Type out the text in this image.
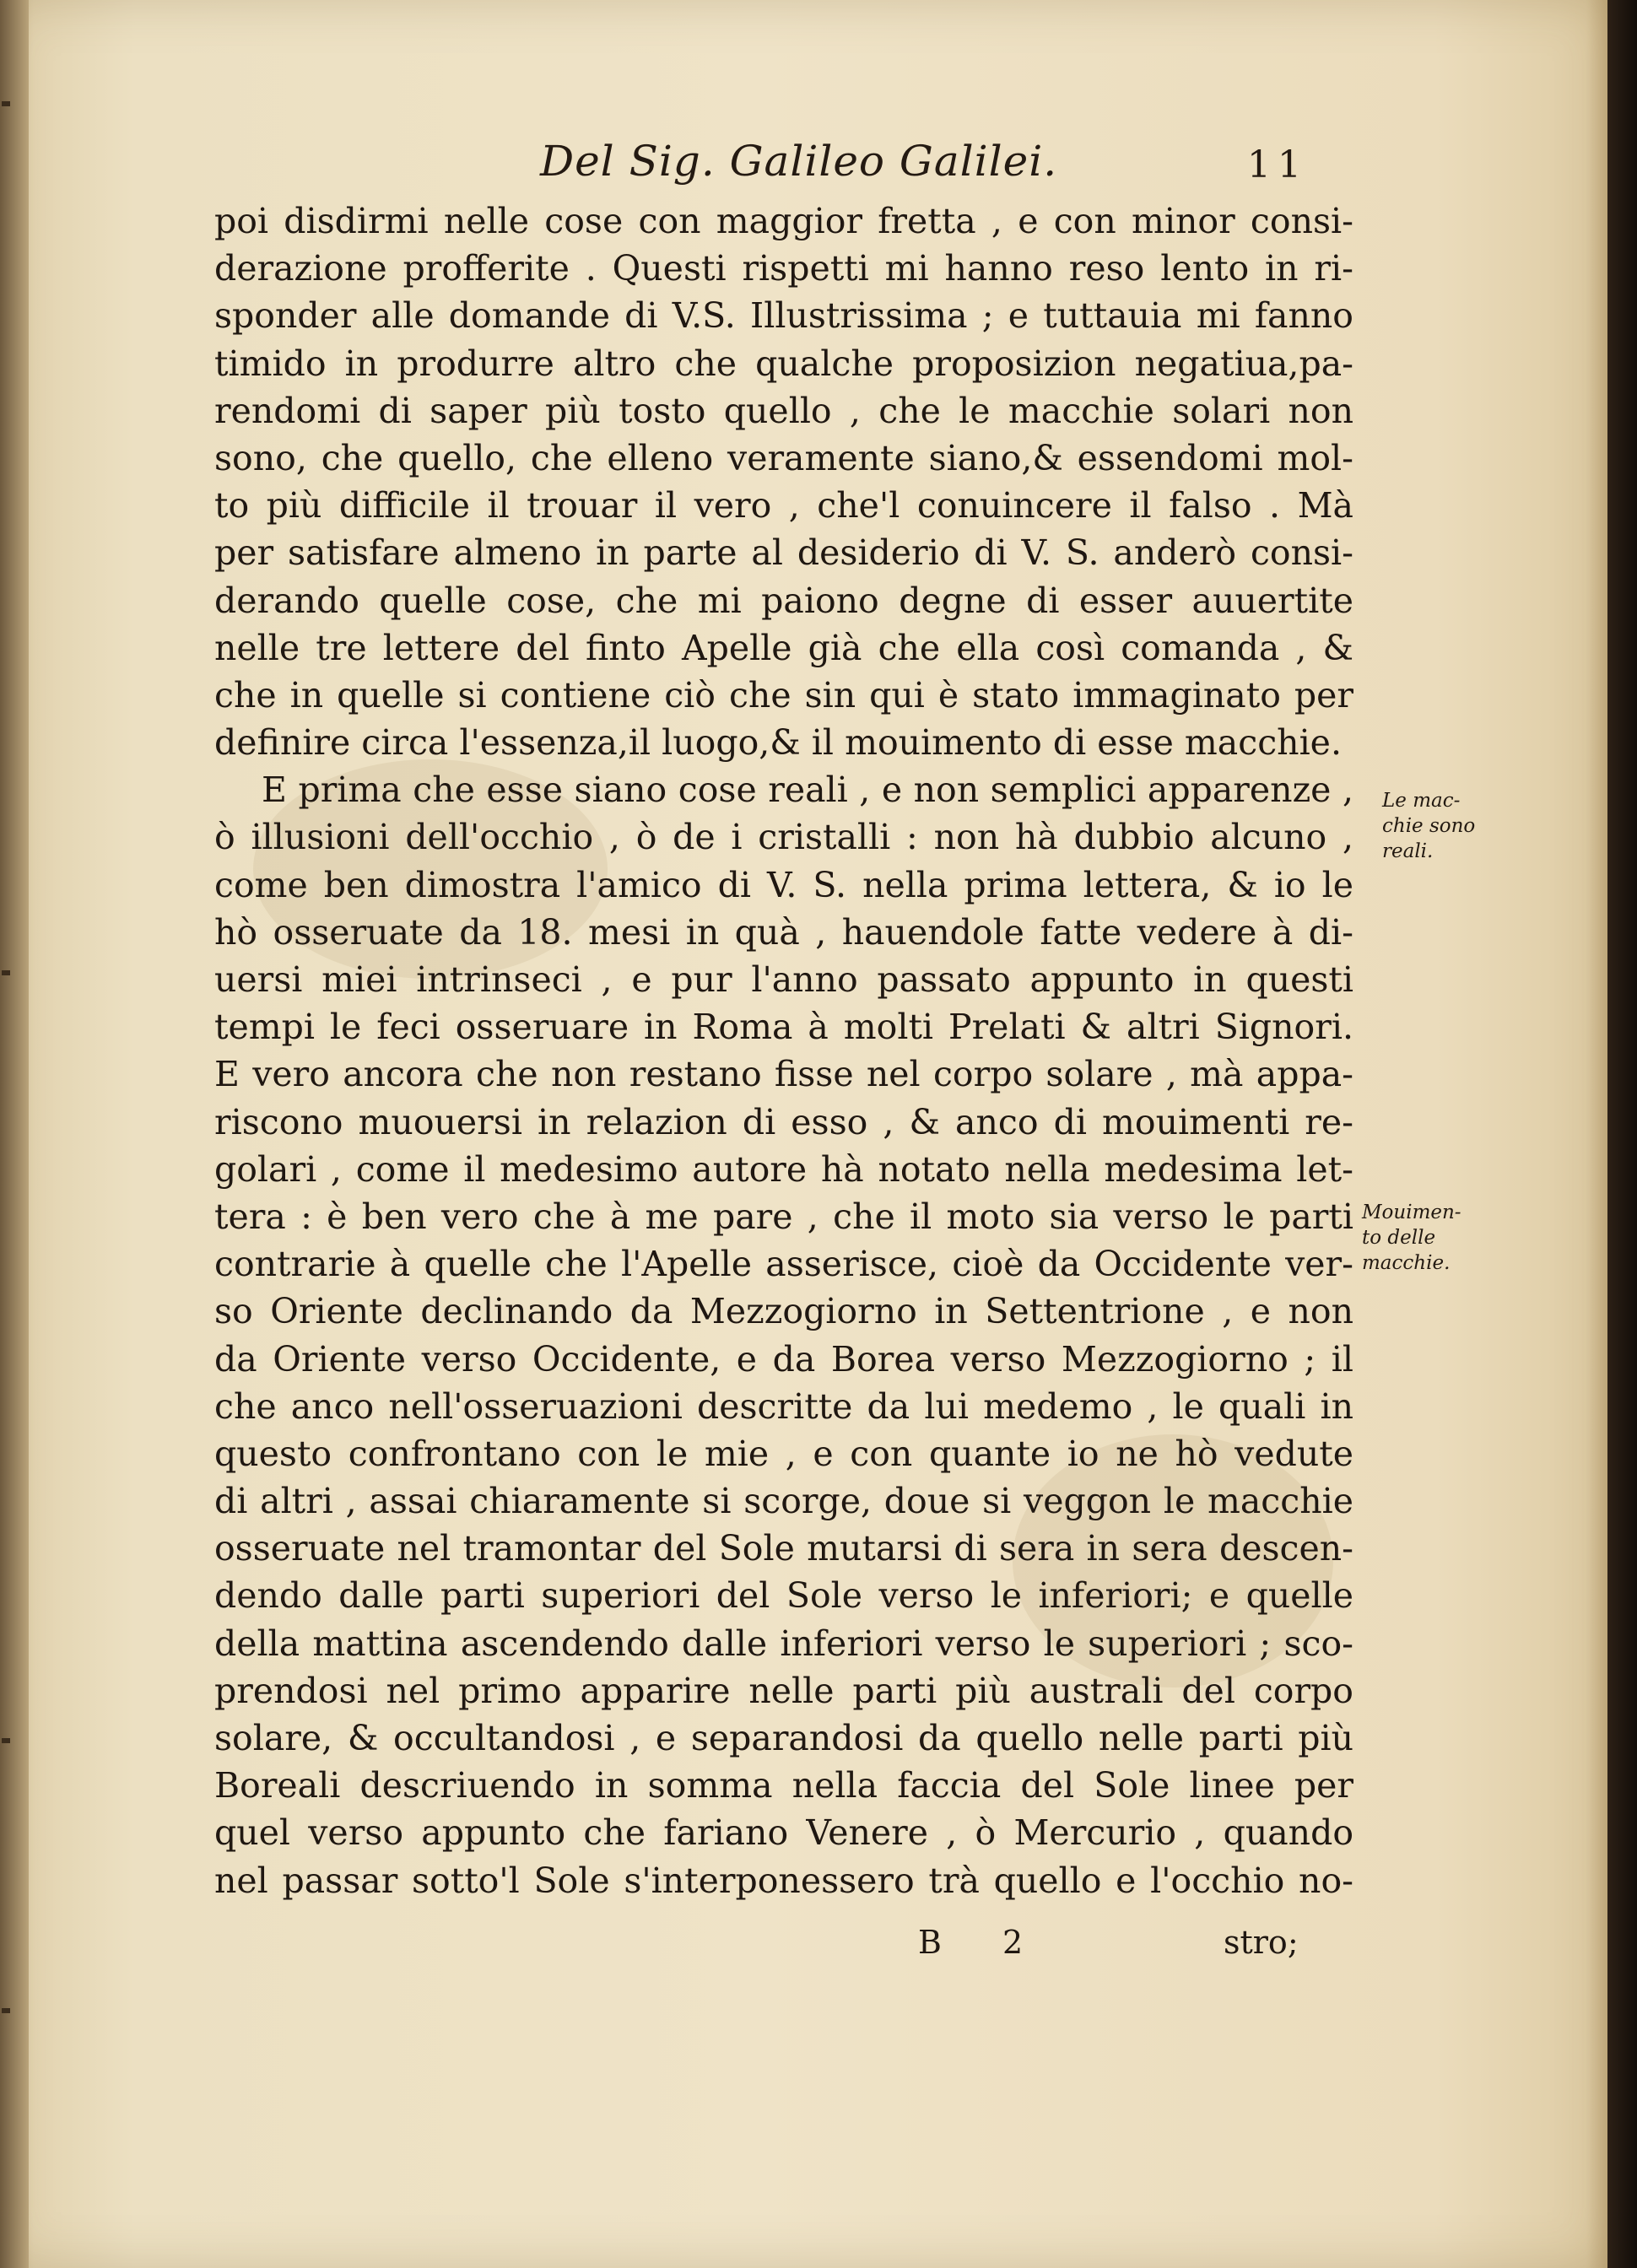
Del Sig. Galileo Galilei.	11
poi disdirmi nelle cose con maggior fretta , e con minor consi-
derazione profferite . Questi rispetti mi hanno reso lento in ri-
sponder alle domande di V.S. Illustrissima ; e tuttauia mi fanno
timido in produrre altro che qualche proposizion negatiua,pa-
rendomi di saper più tosto quello , che le macchie solari non
sono, che quello, che elleno veramente siano,& essendomi mol-
to più difficile il trouar il vero , che'l conuincere il falso . Mà
per satisfare almeno in parte al desiderio di V. S. anderò consi-
derando quelle cose, che mi paiono degne di esser auuertite
nelle tre lettere del finto Apelle già che ella così comanda , &
che in quelle si contiene ciò che sin qui è stato immaginato per
definire circa l'essenza,il luogo,& il mouimento di esse macchie.
E prima che esse siano cose reali , e non semplici apparenze ,
ò illusioni dell'occhio , ò de i cristalli : non hà dubbio alcuno ,
come ben dimostra l'amico di V. S. nella prima lettera, & io le
hò osseruate da 18. mesi in quà , hauendole fatte vedere à di-
uersi miei intrinseci , e pur l'anno passato appunto in questi
tempi le feci osseruare in Roma à molti Prelati & altri Signori.
E vero ancora che non restano fisse nel corpo solare , mà appa-
riscono muouersi in relazion di esso , & anco di mouimenti re-
golari , come il medesimo autore hà notato nella medesima let-
tera : è ben vero che à me pare , che il moto sia verso le parti
contrarie à quelle che l'Apelle asserisce, cioè da Occidente ver-
so Oriente declinando da Mezzogiorno in Settentrione , e non
da Oriente verso Occidente, e da Borea verso Mezzogiorno ; il
che anco nell'osseruazioni descritte da lui medemo , le quali in
questo confrontano con le mie , e con quante io ne hò vedute
di altri , assai chiaramente si scorge, doue si veggon le macchie
osseruate nel tramontar del Sole mutarsi di sera in sera descen-
dendo dalle parti superiori del Sole verso le inferiori; e quelle
della mattina ascendendo dalle inferiori verso le superiori ; sco-
prendosi nel primo apparire nelle parti più australi del corpo
solare, & occultandosi , e separandosi da quello nelle parti più
Boreali descriuendo in somma nella faccia del Sole linee per
quel verso appunto che fariano Venere , ò Mercurio , quando
nel passar sotto'l Sole s'interponessero trà quello e l'occhio no-
Le mac-
chie sono
reali.
Mouimen-
to delle
macchie.
B 2	stro;
